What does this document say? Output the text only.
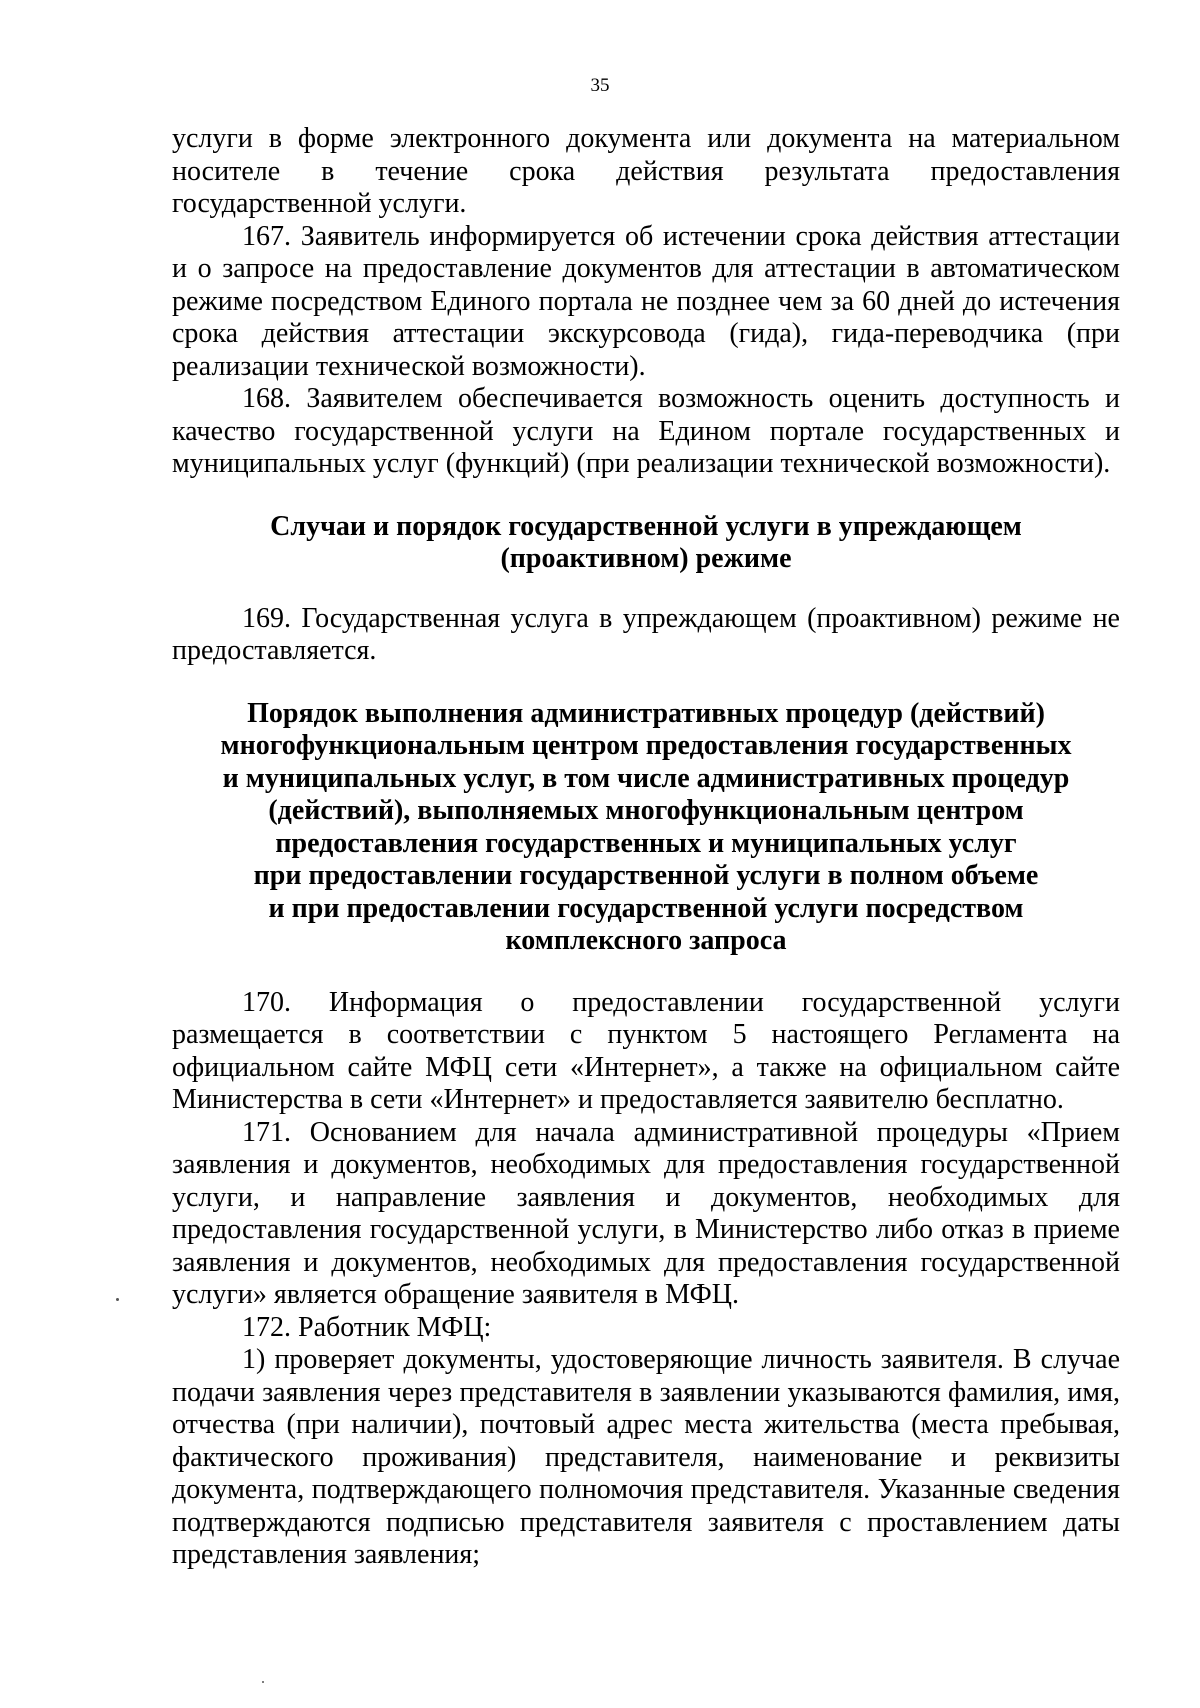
35

услуги в форме электронного документа или документа на материальном носителе в течение срока действия результата предоставления государственной услуги.

167. Заявитель информируется об истечении срока действия аттестации и о запросе на предоставление документов для аттестации в автоматическом режиме посредством Единого портала не позднее чем за 60 дней до истечения срока действия аттестации экскурсовода (гида), гида-переводчика (при реализации технической возможности).

168. Заявителем обеспечивается возможность оценить доступность и качество государственной услуги на Едином портале государственных и муниципальных услуг (функций) (при реализации технической возможности).

Случаи и порядок государственной услуги в упреждающем
(проактивном) режиме

169. Государственная услуга в упреждающем (проактивном) режиме не предоставляется.

Порядок выполнения административных процедур (действий)
многофункциональным центром предоставления государственных
и муниципальных услуг, в том числе административных процедур
(действий), выполняемых многофункциональным центром
предоставления государственных и муниципальных услуг
при предоставлении государственной услуги в полном объеме
и при предоставлении государственной услуги посредством
комплексного запроса

170. Информация о предоставлении государственной услуги размещается в соответствии с пунктом 5 настоящего Регламента на официальном сайте МФЦ сети «Интернет», а также на официальном сайте Министерства в сети «Интернет» и предоставляется заявителю бесплатно.

171. Основанием для начала административной процедуры «Прием заявления и документов, необходимых для предоставления государственной услуги, и направление заявления и документов, необходимых для предоставления государственной услуги, в Министерство либо отказ в приеме заявления и документов, необходимых для предоставления государственной услуги» является обращение заявителя в МФЦ.

172. Работник МФЦ:

1) проверяет документы, удостоверяющие личность заявителя. В случае подачи заявления через представителя в заявлении указываются фамилия, имя, отчества (при наличии), почтовый адрес места жительства (места пребывая, фактического проживания) представителя, наименование и реквизиты документа, подтверждающего полномочия представителя. Указанные сведения подтверждаются подписью представителя заявителя с проставлением даты представления заявления;
